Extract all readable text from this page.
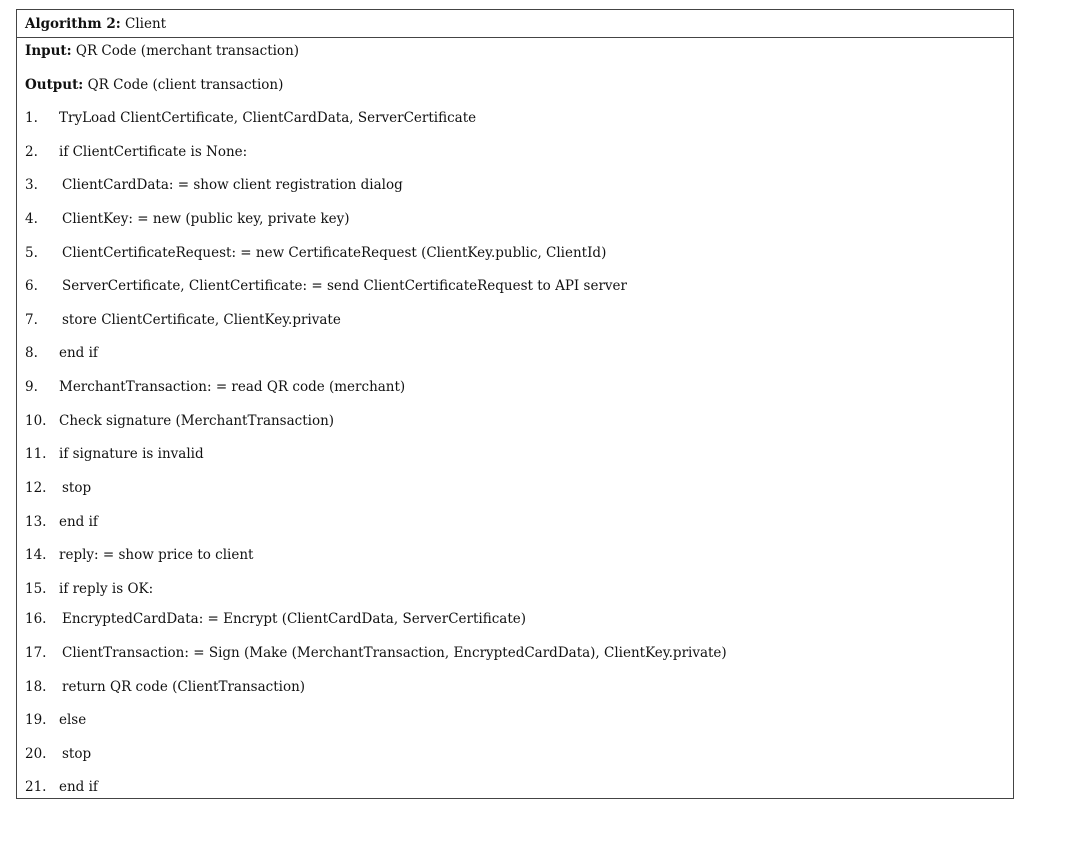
Algorithm 2: Client
Input: QR Code (merchant transaction)
Output: QR Code (client transaction)
1. TryLoad ClientCertificate, ClientCardData, ServerCertificate
2. if ClientCertificate is None:
3. ClientCardData: = show client registration dialog
4. ClientKey: = new (public key, private key)
5. ClientCertificateRequest: = new CertificateRequest (ClientKey.public, ClientId)
6. ServerCertificate, ClientCertificate: = send ClientCertificateRequest to API server
7. store ClientCertificate, ClientKey.private
8. end if
9. MerchantTransaction: = read QR code (merchant)
10. Check signature (MerchantTransaction)
11. if signature is invalid
12. stop
13. end if
14. reply: = show price to client
15. if reply is OK:
16. EncryptedCardData: = Encrypt (ClientCardData, ServerCertificate)
17. ClientTransaction: = Sign (Make (MerchantTransaction, EncryptedCardData), ClientKey.private)
18. return QR code (ClientTransaction)
19. else
20. stop
21. end if
